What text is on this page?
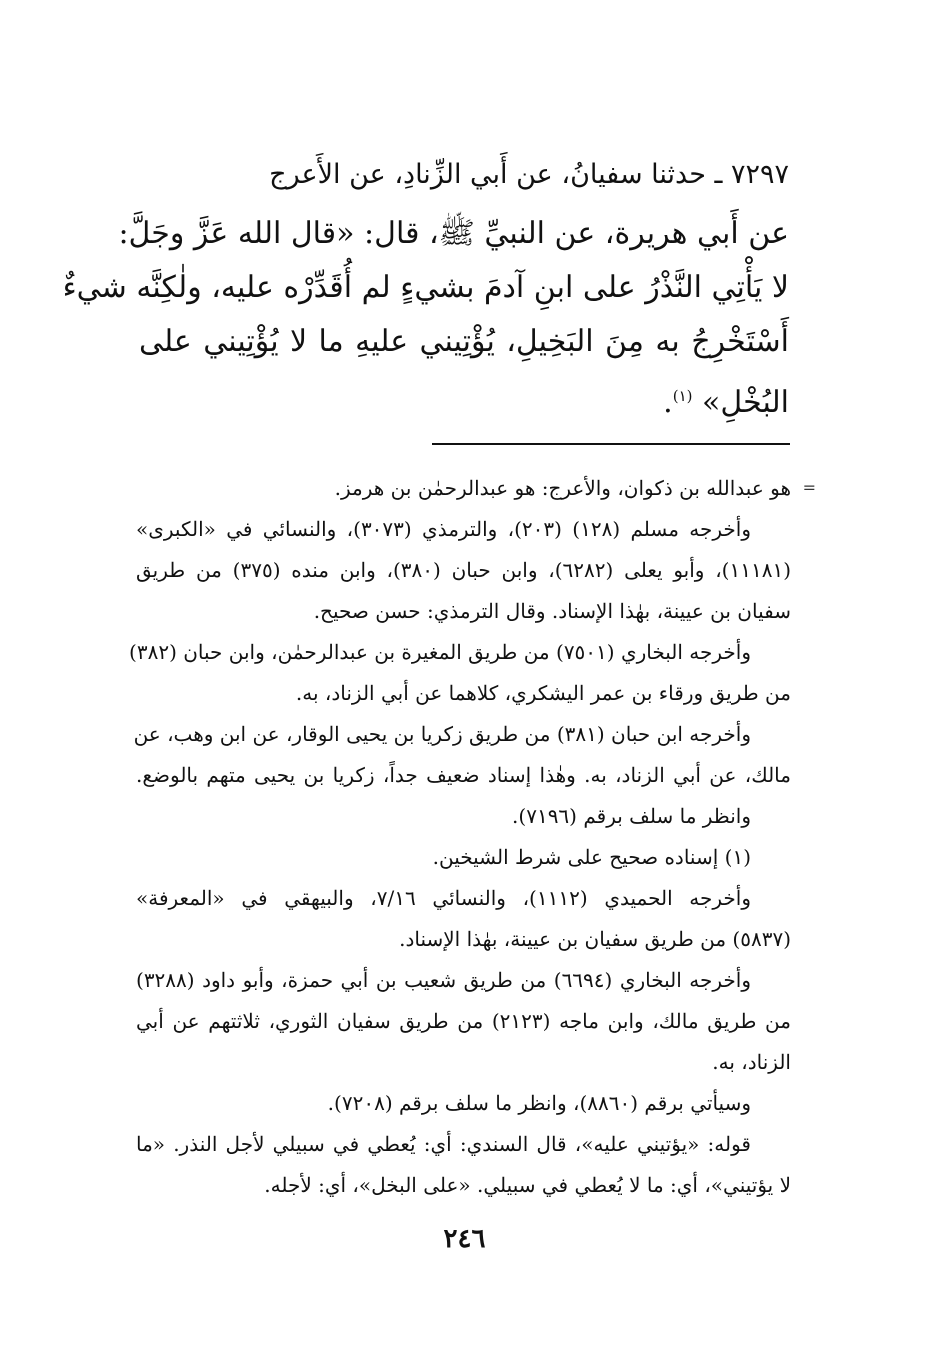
٧٢٩٧ ـ حدثنا سفيانُ، عن أَبي الزِّنادِ، عن الأَعرج
عن أَبي هريرة، عن النبيِّ ﷺ، قال: «قال الله عَزَّ وجَلَّ:
لا يَأْتِي النَّذْرُ على ابنِ آدمَ بشيءٍ لم أُقَدِّرْه عليه، ولٰكِنَّه شيءٌ
أَسْتَخْرِجُ به مِنَ البَخِيلِ، يُؤْتِيني عليهِ ما لا يُؤْتِيني على
البُخْلِ» $^{(١)}$.
=
هو عبدالله بن ذكوان، والأعرج: هو عبدالرحمٰن بن هرمز.
وأخرجه مسلم (١٢٨) (٢٠٣)، والترمذي (٣٠٧٣)، والنسائي في «الكبرى»
(١١١٨١)، وأبو يعلى (٦٢٨٢)، وابن حبان (٣٨٠)، وابن منده (٣٧٥) من طريق
سفيان بن عيينة، بهٰذا الإسناد. وقال الترمذي: حسن صحيح.
وأخرجه البخاري (٧٥٠١) من طريق المغيرة بن عبدالرحمٰن، وابن حبان (٣٨٢)
من طريق ورقاء بن عمر اليشكري، كلاهما عن أبي الزناد، به.
وأخرجه ابن حبان (٣٨١) من طريق زكريا بن يحيى الوقار، عن ابن وهب، عن
مالك، عن أبي الزناد، به. وهٰذا إسناد ضعيف جداً، زكريا بن يحيى متهم بالوضع.
وانظر ما سلف برقم (٧١٩٦).
(١) إسناده صحيح على شرط الشيخين.
وأخرجه الحميدي (١١١٢)، والنسائي ٧/١٦، والبيهقي في «المعرفة»
(٥٨٣٧) من طريق سفيان بن عيينة، بهٰذا الإسناد.
وأخرجه البخاري (٦٦٩٤) من طريق شعيب بن أبي حمزة، وأبو داود (٣٢٨٨)
من طريق مالك، وابن ماجه (٢١٢٣) من طريق سفيان الثوري، ثلاثتهم عن أبي
الزناد، به.
وسيأتي برقم (٨٨٦٠)، وانظر ما سلف برقم (٧٢٠٨).
قوله: «يؤتيني عليه»، قال السندي: أي: يُعطي في سبيلي لأجل النذر. «ما
لا يؤتيني»، أي: ما لا يُعطي في سبيلي. «على البخل»، أي: لأجله.
٢٤٦
